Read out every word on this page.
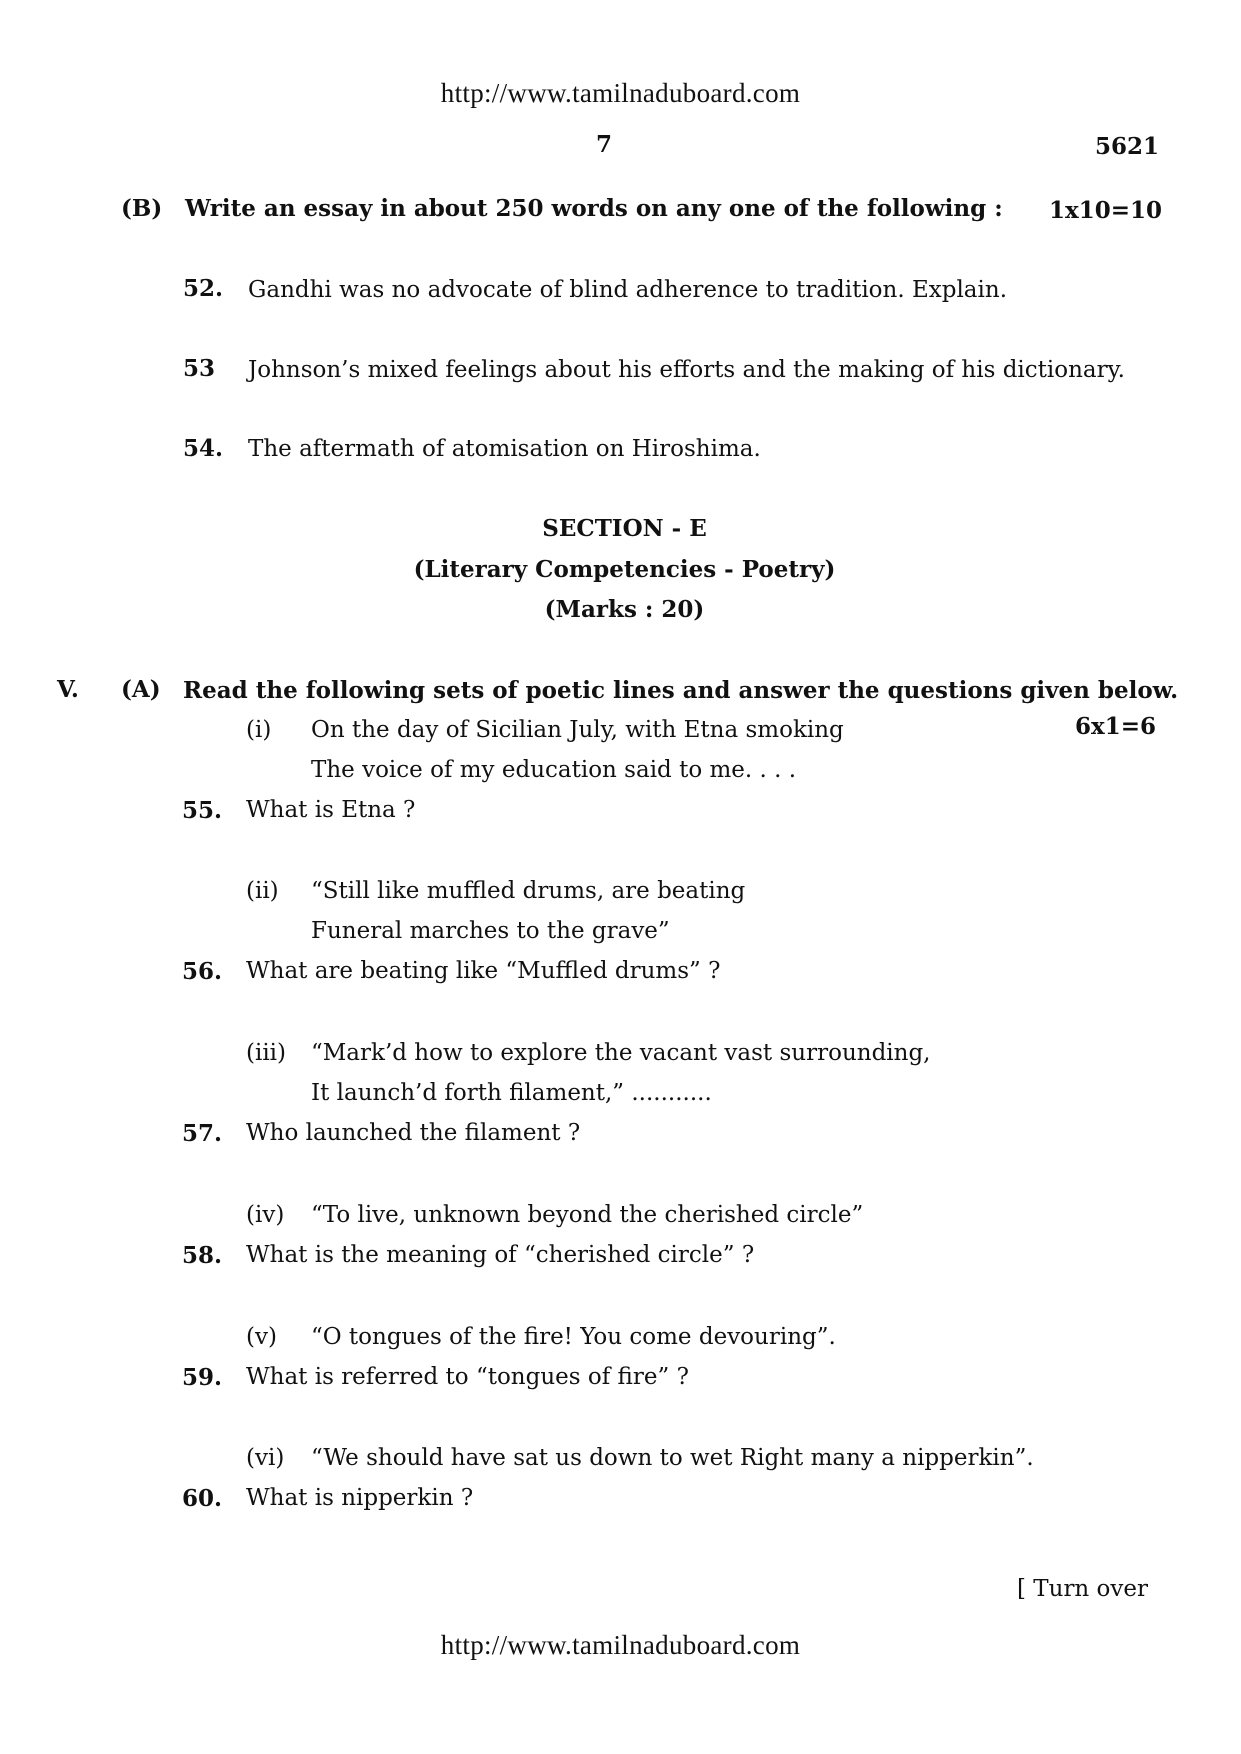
http://www.tamilnaduboard.com
7	5621
(B) Write an essay in about 250 words on any one of the following : 1x10=10
52. Gandhi was no advocate of blind adherence to tradition. Explain.
53 Johnson’s mixed feelings about his efforts and the making of his dictionary.
54. The aftermath of atomisation on Hiroshima.
SECTION - E
(Literary Competencies - Poetry)
(Marks : 20)
V. (A) Read the following sets of poetic lines and answer the questions given below.
6x1=6
(i) On the day of Sicilian July, with Etna smoking
The voice of my education said to me. . . .
55. What is Etna ?
(ii) “Still like muffled drums, are beating
Funeral marches to the grave”
56. What are beating like “Muffled drums” ?
(iii) “Mark’d how to explore the vacant vast surrounding,
It launch’d forth filament,” ...........
57. Who launched the filament ?
(iv) “To live, unknown beyond the cherished circle”
58. What is the meaning of “cherished circle” ?
(v) “O tongues of the fire! You come devouring”.
59. What is referred to “tongues of fire” ?
(vi) “We should have sat us down to wet Right many a nipperkin”.
60. What is nipperkin ?
[ Turn over
http://www.tamilnaduboard.com
